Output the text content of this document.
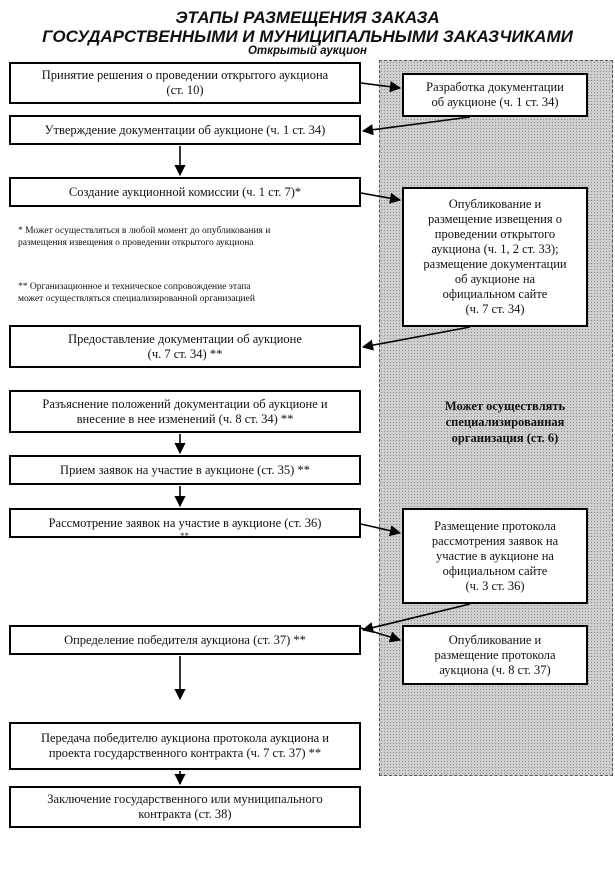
ЭТАПЫ РАЗМЕЩЕНИЯ ЗАКАЗА
ГОСУДАРСТВЕННЫМИ И МУНИЦИПАЛЬНЫМИ ЗАКАЗЧИКАМИ
Открытый аукцион
Может осуществлять
специализированная
организация (ст. 6)
Принятие решения о проведении открытого аукциона
(ст. 10)
Утверждение документации об аукционе (ч. 1 ст. 34)
Создание аукционной комиссии (ч. 1 ст. 7)*
* Может осуществляться в любой момент до опубликования и
размещения извещения о проведении открытого аукциона
** Организационное и техническое сопровождение этапа
может осуществляться специализированной организацией
Предоставление документации об аукционе
(ч. 7 ст. 34) **
Разъяснение положений документации об аукционе и
внесение в нее изменений (ч. 8 ст. 34) **
Прием заявок на участие в аукционе (ст. 35) **
Рассмотрение заявок на участие в аукционе (ст. 36)
**
Определение победителя аукциона (ст. 37) **
Передача победителю аукциона протокола аукциона и
проекта государственного контракта (ч. 7 ст. 37) **
Заключение государственного или муниципального
контракта (ст. 38)
Разработка документации
об аукционе (ч. 1 ст. 34)
Опубликование и
размещение извещения о
проведении открытого
аукциона (ч. 1, 2 ст. 33);
размещение документации
об аукционе на
официальном сайте
(ч. 7 ст. 34)
Размещение протокола
рассмотрения заявок на
участие в аукционе на
официальном сайте
(ч. 3 ст. 36)
Опубликование и
размещение протокола
аукциона (ч. 8 ст. 37)
